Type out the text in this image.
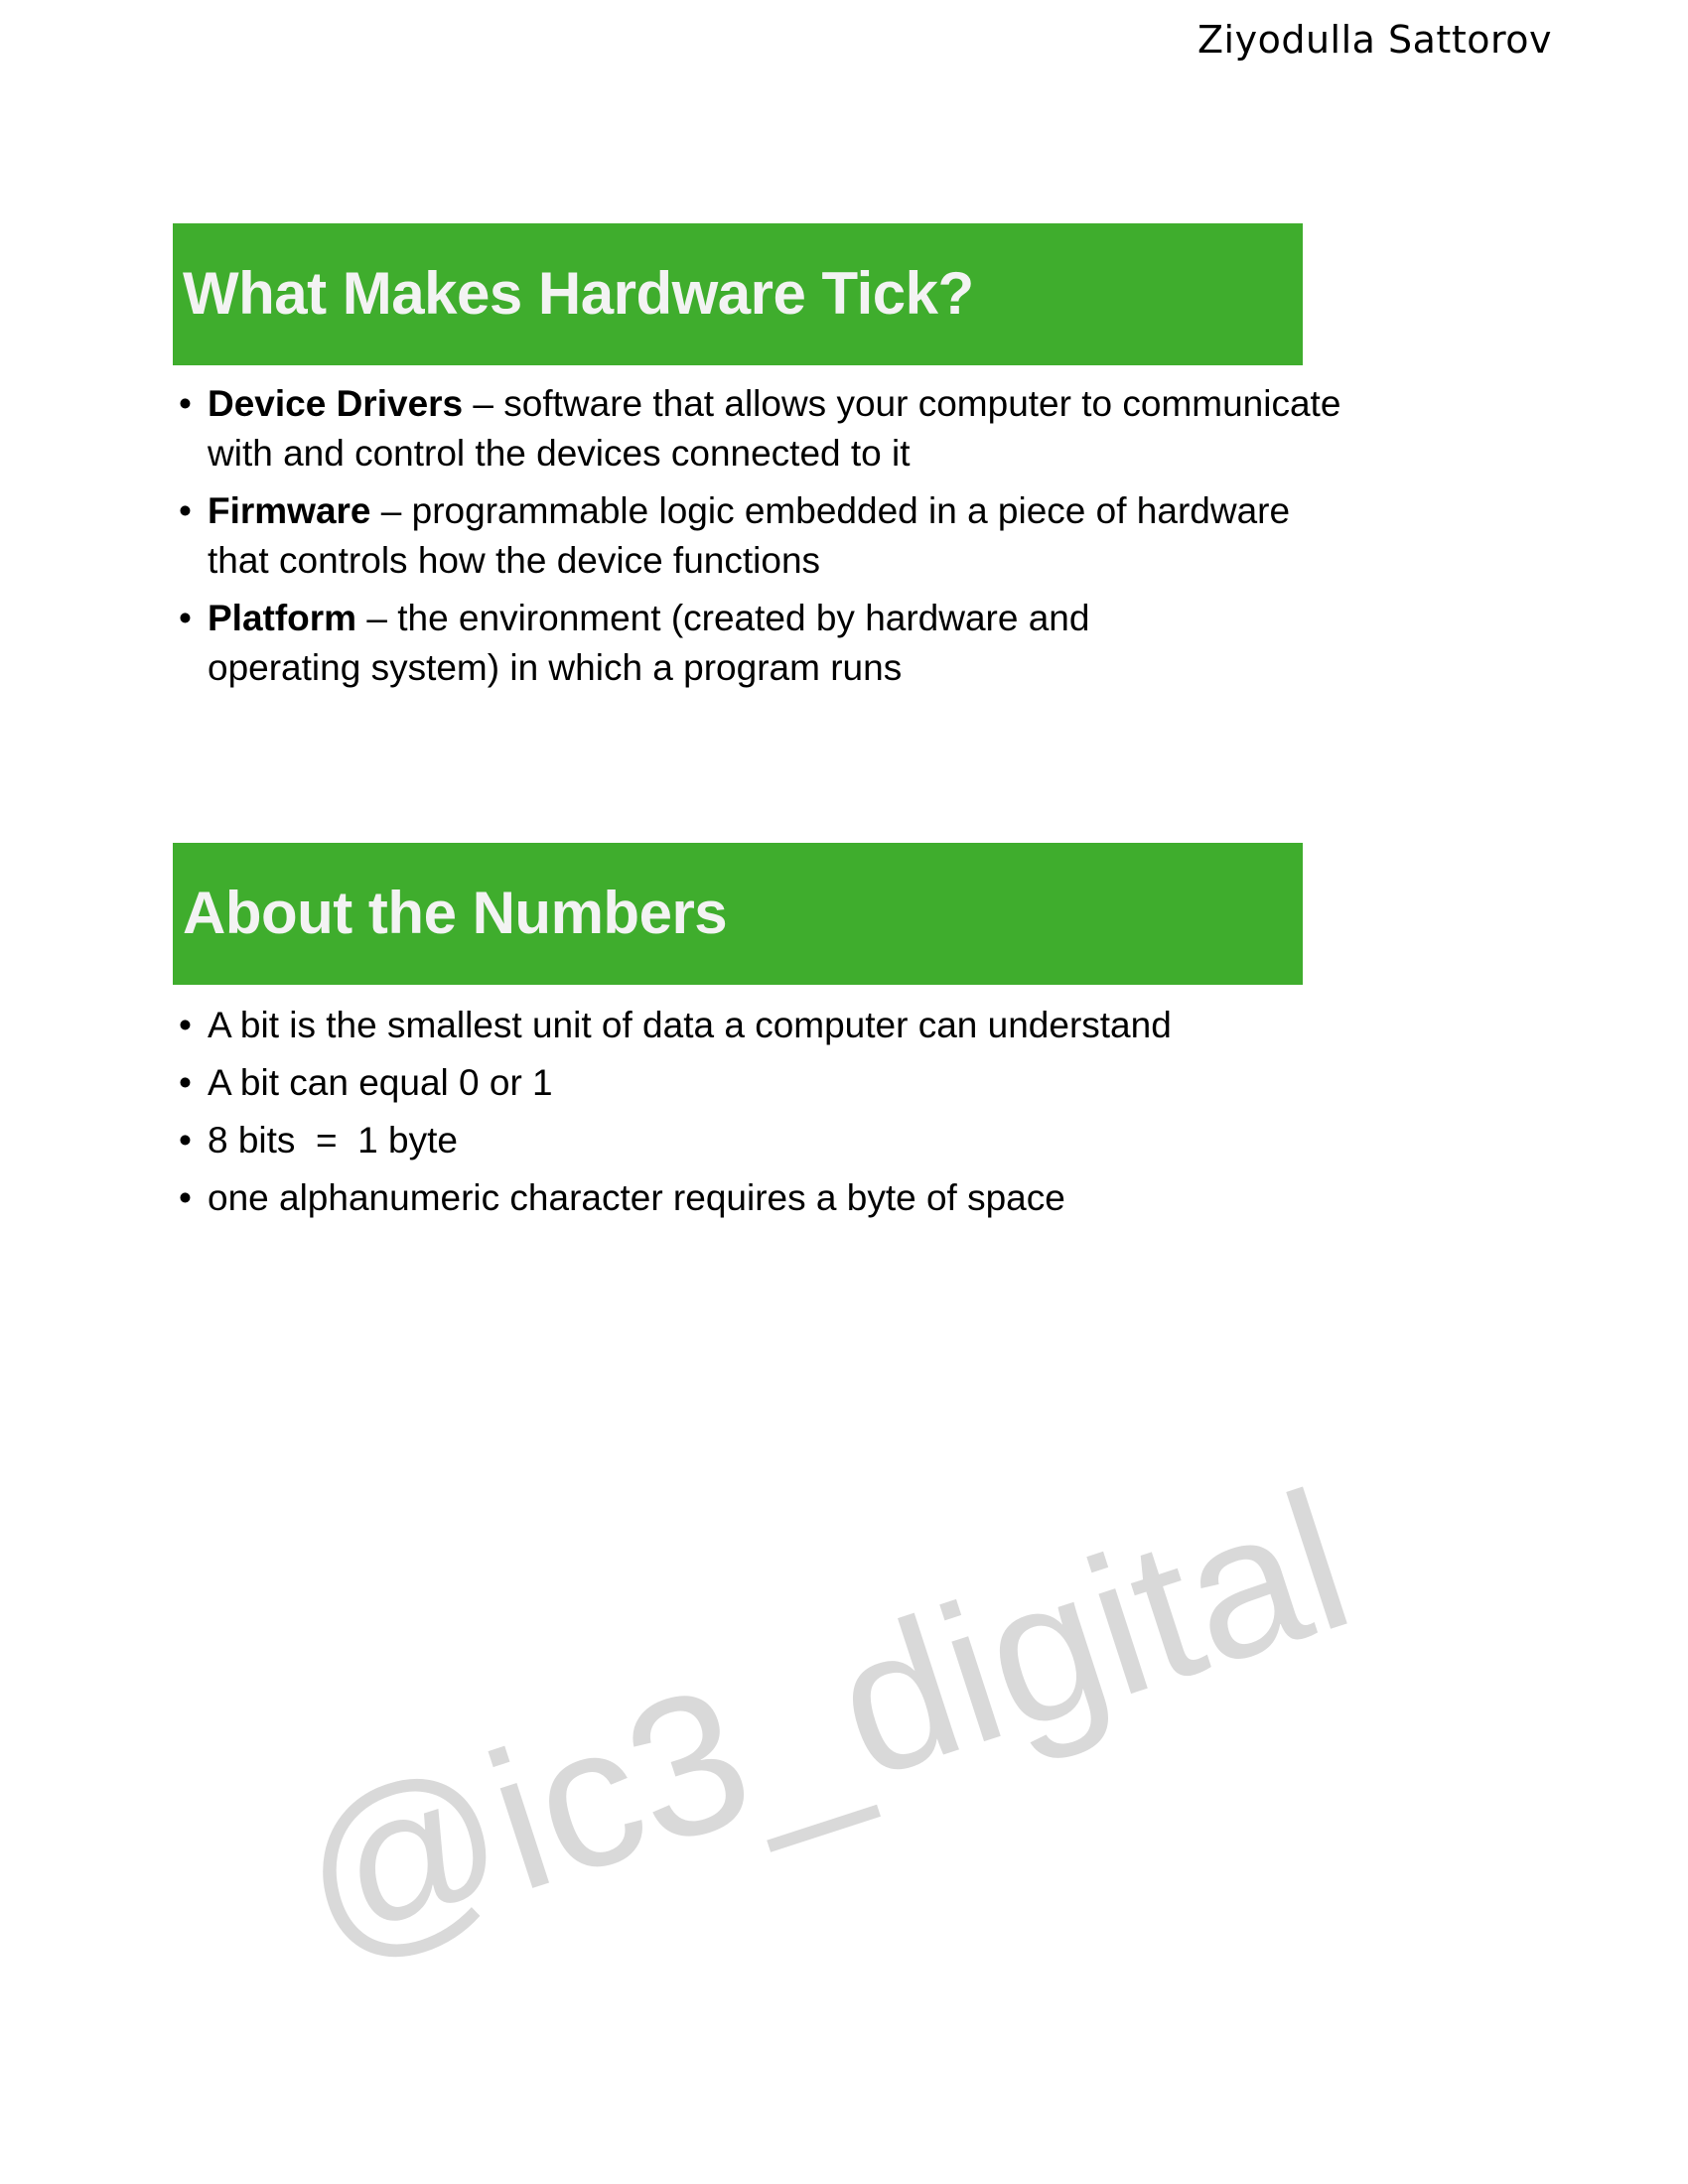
Ziyodulla Sattorov
@ic3_digital
What Makes Hardware Tick?
• Device Drivers – software that allows your computer to communicate with and control the devices connected to it
• Firmware – programmable logic embedded in a piece of hardware that controls how the device functions
• Platform – the environment (created by hardware and operating system) in which a program runs
About the Numbers
• A bit is the smallest unit of data a computer can understand
• A bit can equal 0 or 1
• 8 bits  =  1 byte
• one alphanumeric character requires a byte of space
